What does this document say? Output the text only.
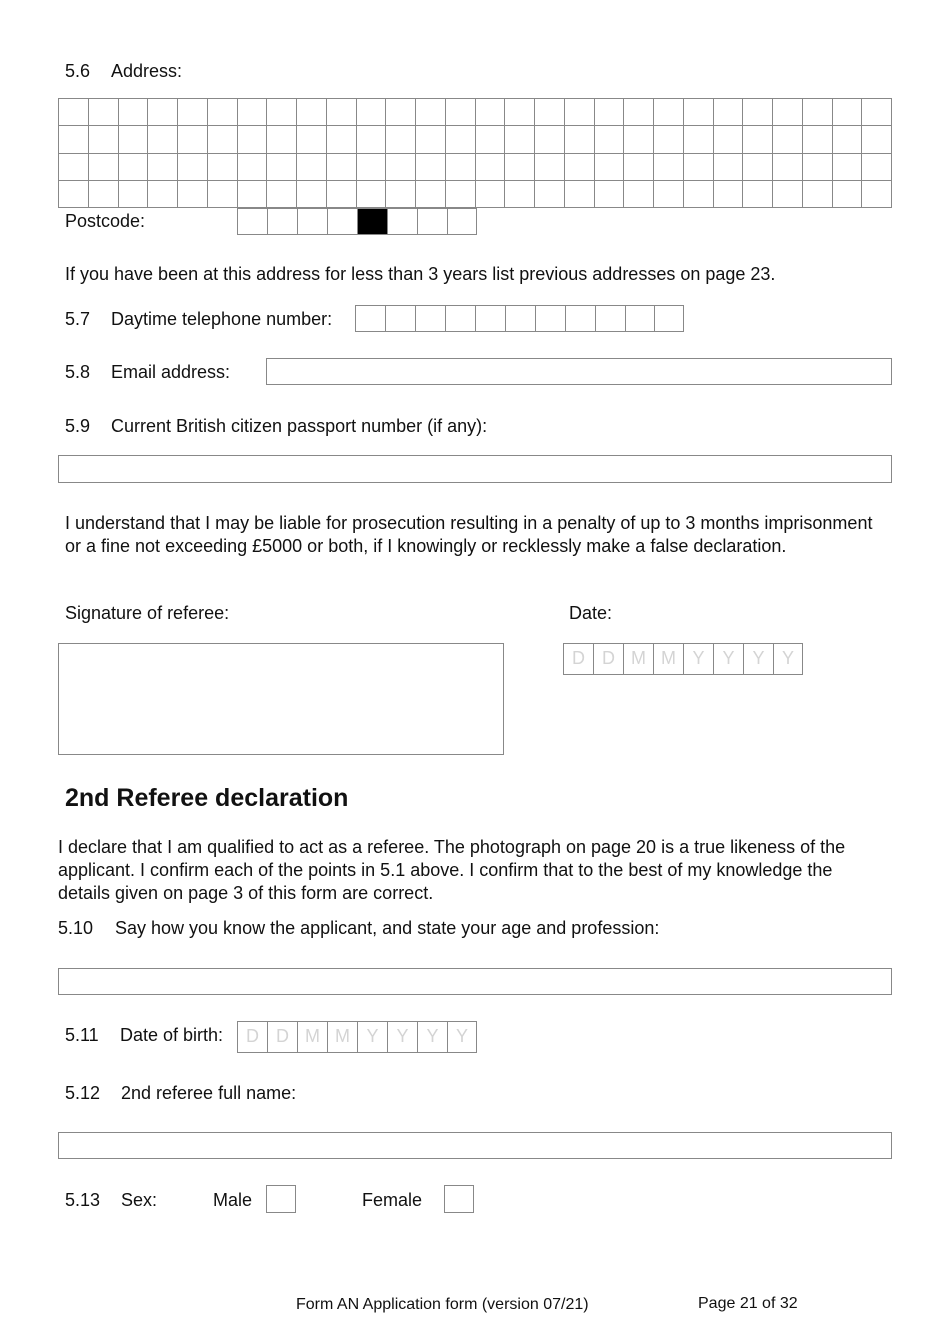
5.6 Address:
Postcode:
If you have been at this address for less than 3 years list previous addresses on page 23.
5.7 Daytime telephone number:
5.8 Email address:
5.9 Current British citizen passport number (if any):
I understand that I may be liable for prosecution resulting in a penalty of up to 3 months imprisonment or a fine not exceeding £5000 or both, if I knowingly or recklessly make a false declaration.
Signature of referee:	Date:
D D M M Y Y Y Y
2nd Referee declaration
I declare that I am qualified to act as a referee. The photograph on page 20 is a true likeness of the applicant. I confirm each of the points in 5.1 above. I confirm that to the best of my knowledge the details given on page 3 of this form are correct.
5.10 Say how you know the applicant, and state your age and profession:
5.11 Date of birth:	D D M M Y Y Y Y
5.12 2nd referee full name:
5.13 Sex:	Male	Female
Form AN Application form (version 07/21)	Page 21 of 32
